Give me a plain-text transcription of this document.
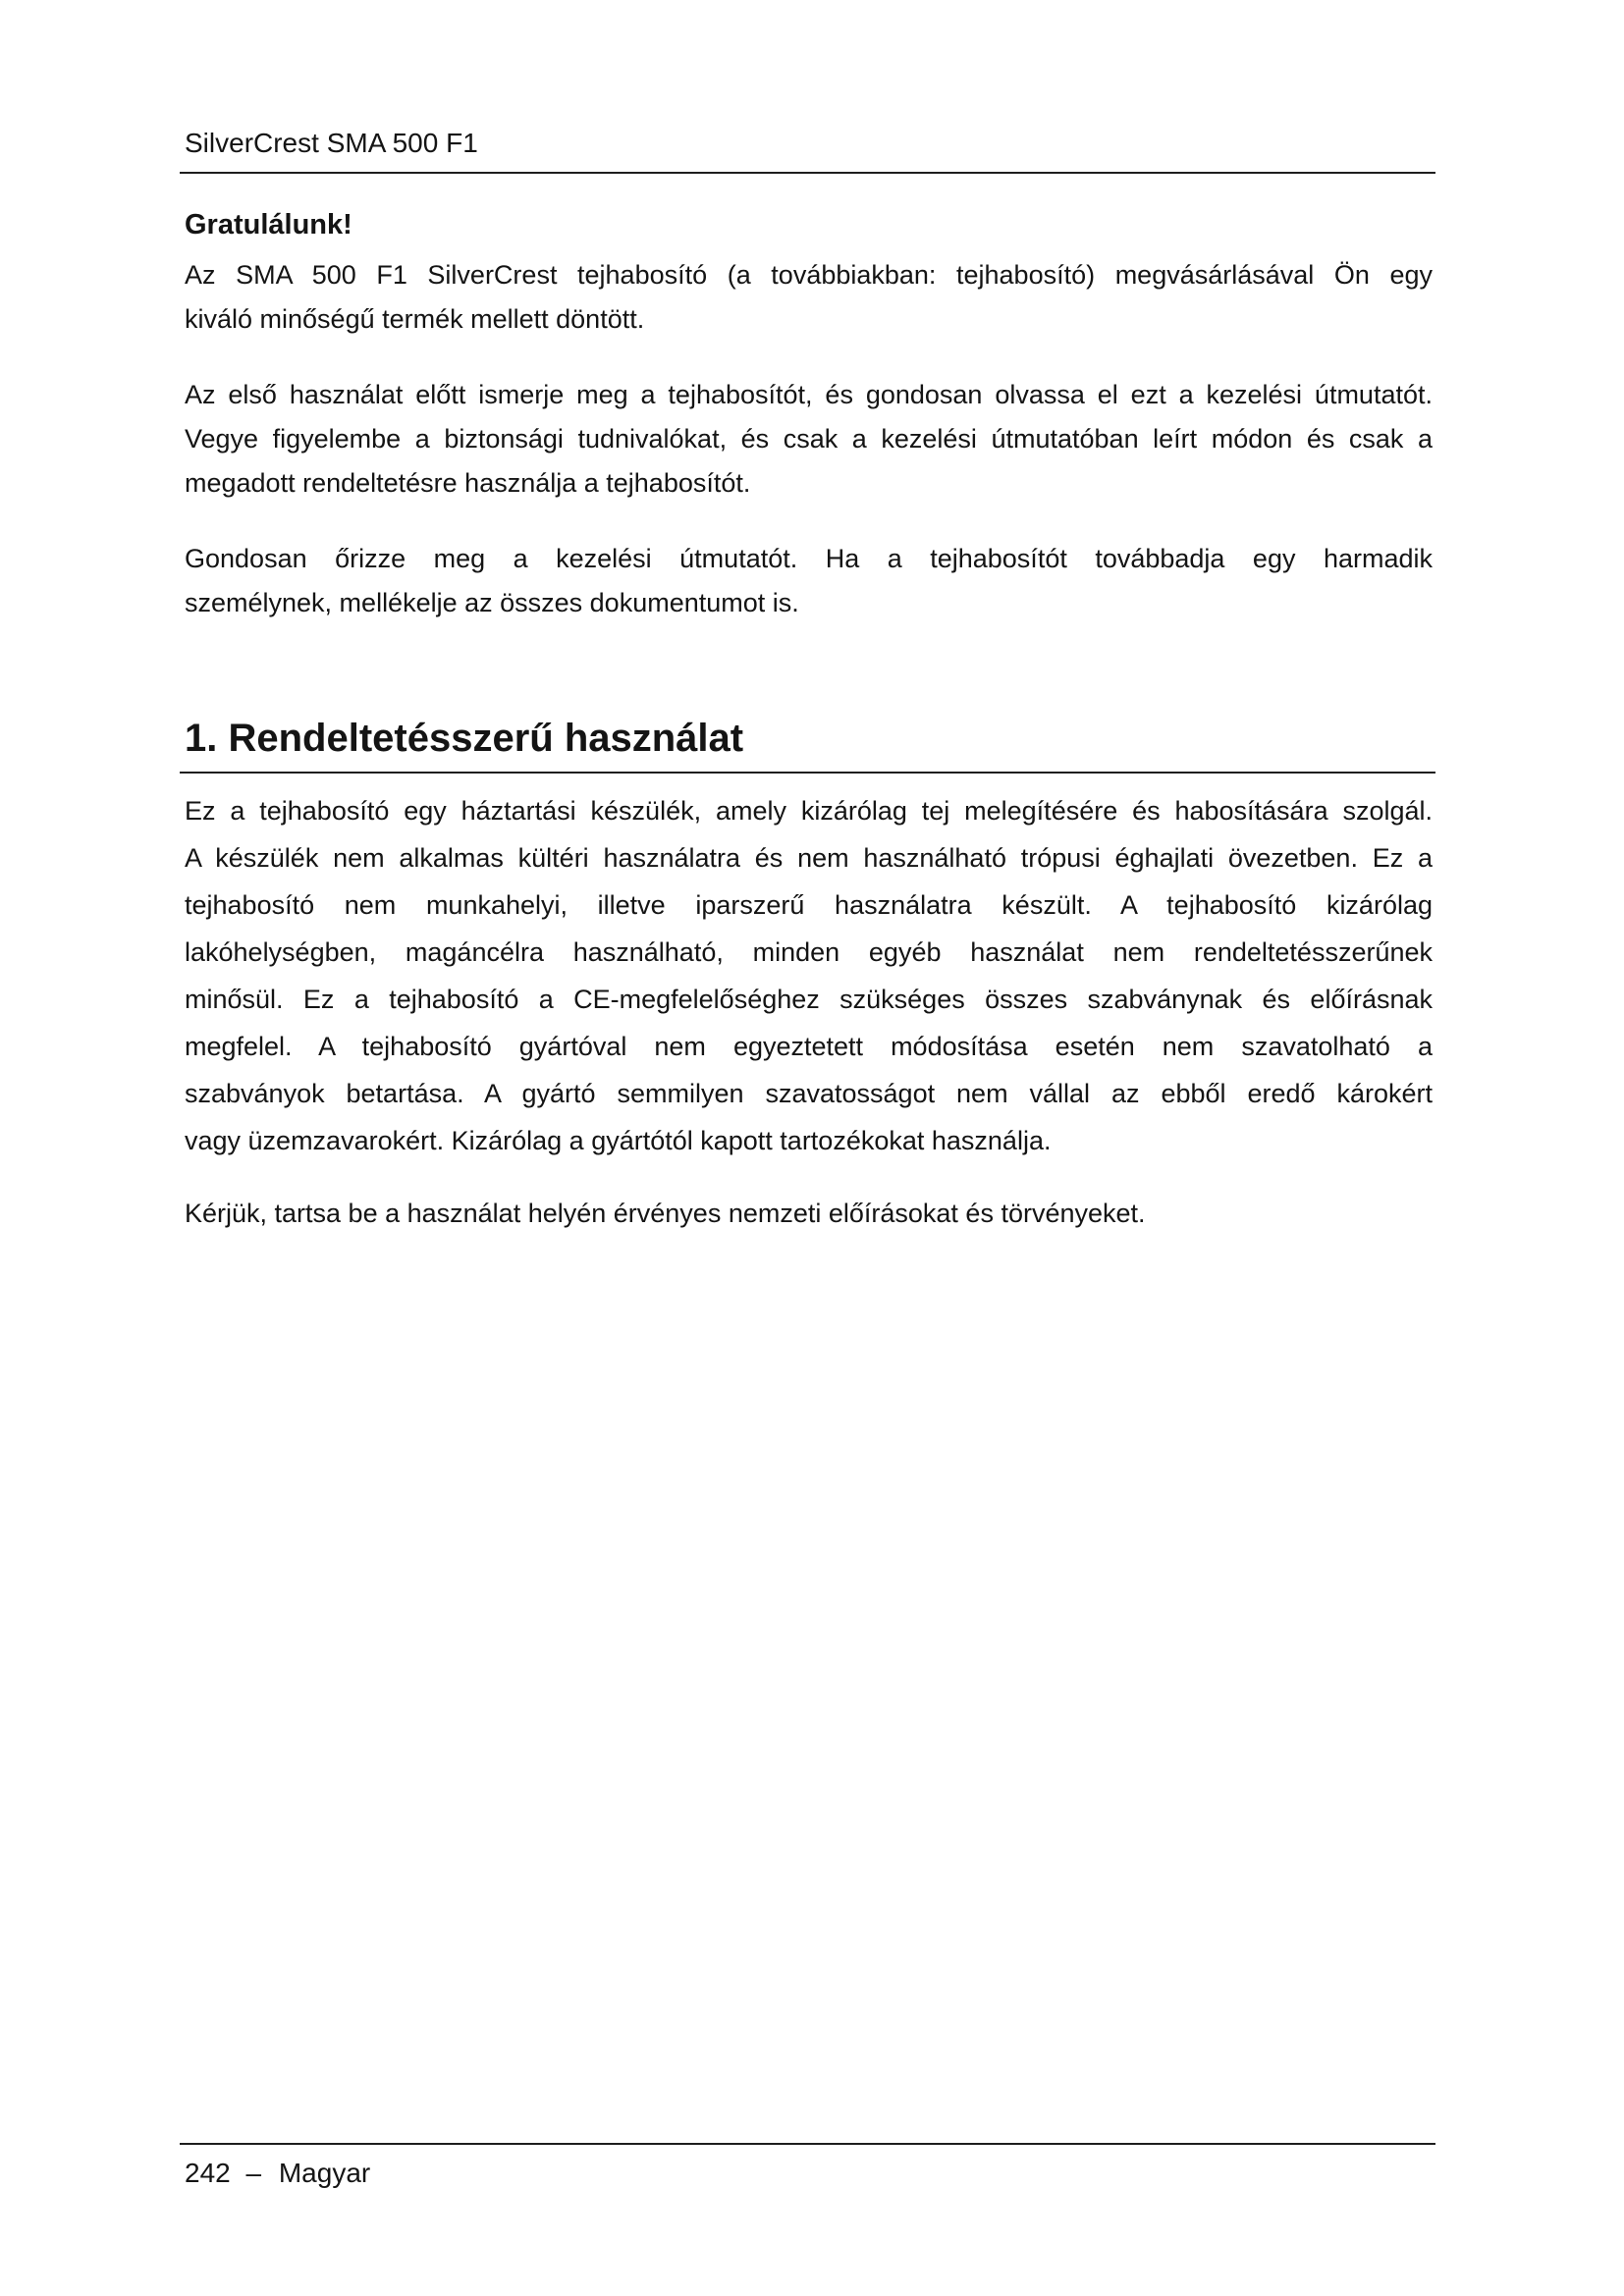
SilverCrest SMA 500 F1
Gratulálunk!
Az SMA 500 F1 SilverCrest tejhabosító (a továbbiakban: tejhabosító) megvásárlásával Ön egy
kiváló minőségű termék mellett döntött.
Az első használat előtt ismerje meg a tejhabosítót, és gondosan olvassa el ezt a kezelési útmutatót.
Vegye figyelembe a biztonsági tudnivalókat, és csak a kezelési útmutatóban leírt módon és csak a
megadott rendeltetésre használja a tejhabosítót.
Gondosan őrizze meg a kezelési útmutatót. Ha a tejhabosítót továbbadja egy harmadik
személynek, mellékelje az összes dokumentumot is.
1. Rendeltetésszerű használat
Ez a tejhabosító egy háztartási készülék, amely kizárólag tej melegítésére és habosítására szolgál.
A készülék nem alkalmas kültéri használatra és nem használható trópusi éghajlati övezetben. Ez a
tejhabosító nem munkahelyi, illetve iparszerű használatra készült. A tejhabosító kizárólag
lakóhelységben, magáncélra használható, minden egyéb használat nem rendeltetésszerűnek
minősül. Ez a tejhabosító a CE-megfelelőséghez szükséges összes szabványnak és előírásnak
megfelel. A tejhabosító gyártóval nem egyeztetett módosítása esetén nem szavatolható a
szabványok betartása. A gyártó semmilyen szavatosságot nem vállal az ebből eredő károkért
vagy üzemzavarokért. Kizárólag a gyártótól kapott tartozékokat használja.
Kérjük, tartsa be a használat helyén érvényes nemzeti előírásokat és törvényeket.
242 – Magyar
